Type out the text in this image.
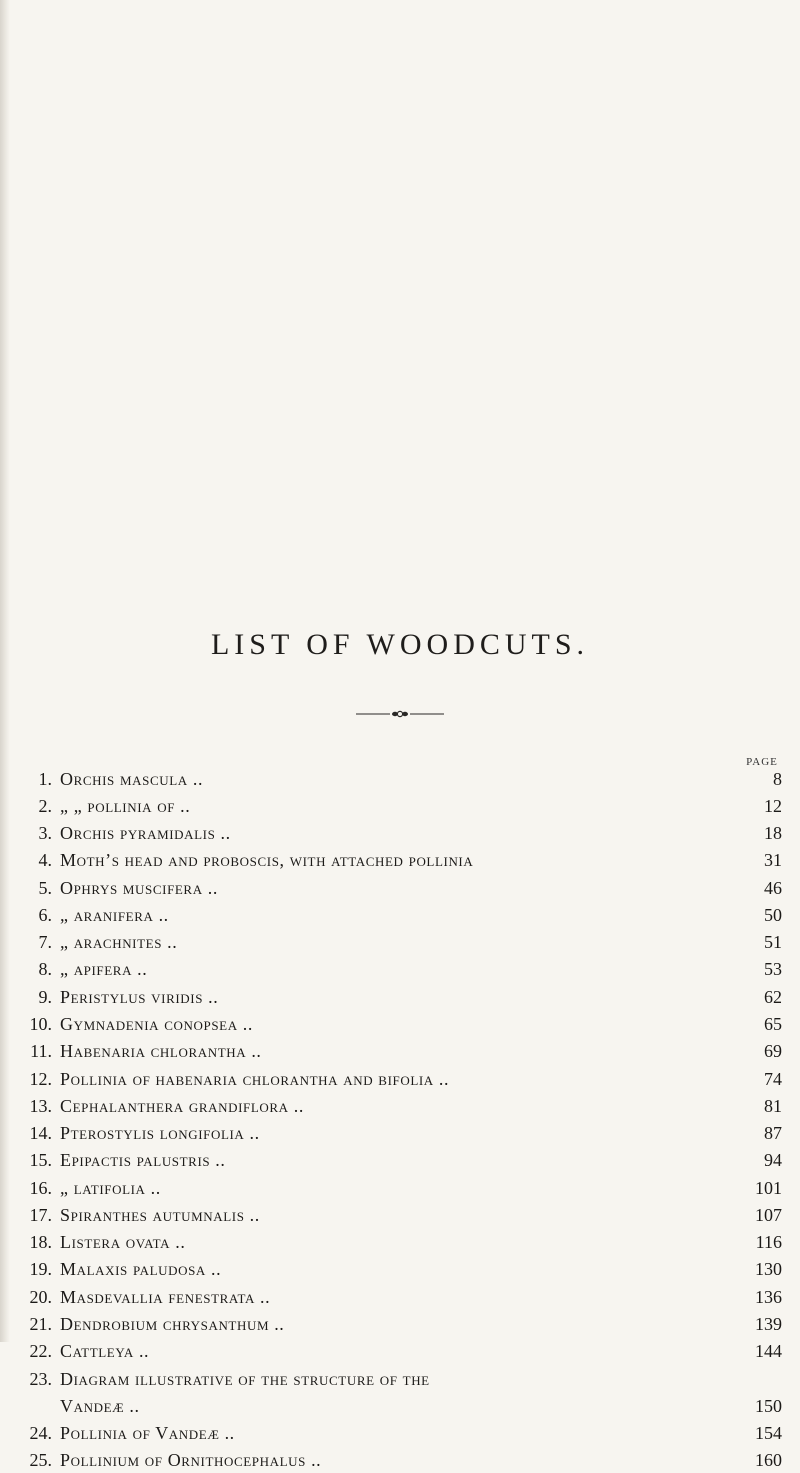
LIST OF WOODCUTS.
PAGE
1. Orchis mascula ..	8
2. „ „ pollinia of ..	12
3. Orchis pyramidalis ..	18
4. Moth’s head and proboscis, with attached pollinia	31
5. Ophrys muscifera ..	46
6. „ aranifera ..	50
7. „ arachnites ..	51
8. „ apifera ..	53
9. Peristylus viridis ..	62
10. Gymnadenia conopsea ..	65
11. Habenaria chlorantha ..	69
12. Pollinia of habenaria chlorantha and bifolia ..	74
13. Cephalanthera grandiflora ..	81
14. Pterostylis longifolia ..	87
15. Epipactis palustris ..	94
16. „ latifolia ..	101
17. Spiranthes autumnalis ..	107
18. Listera ovata ..	116
19. Malaxis paludosa ..	130
20. Masdevallia fenestrata ..	136
21. Dendrobium chrysanthum ..	139
22. Cattleya ..	144
23. Diagram illustrative of the structure of the
Vandeæ ..	150
24. Pollinia of Vandeæ ..	154
25. Pollinium of Ornithocephalus ..	160
